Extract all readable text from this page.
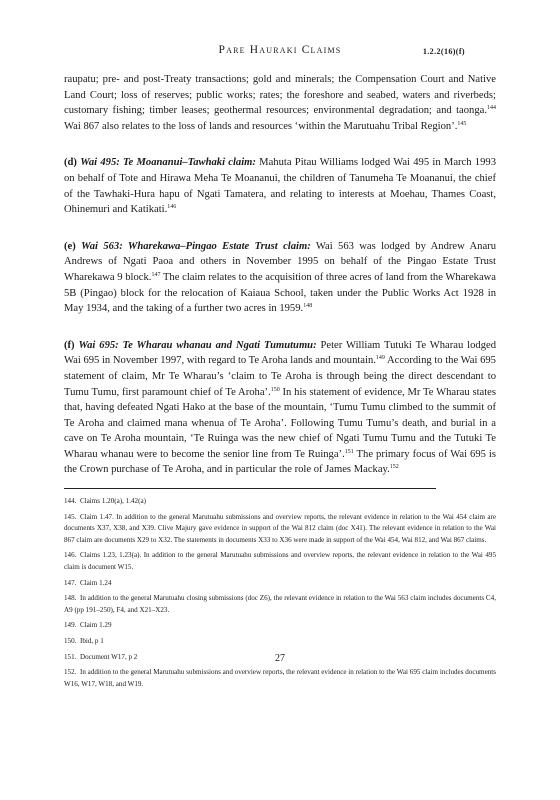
Pare Hauraki Claims	1.2.2(16)(f)

raupatu; pre- and post-Treaty transactions; gold and minerals; the Compensation Court and Native Land Court; loss of reserves; public works; rates; the foreshore and seabed, waters and riverbeds; customary fishing; timber leases; geothermal resources; environmental degradation; and taonga.$^{144}$ Wai 867 also relates to the loss of lands and resources ‘within the Marutuahu Tribal Region’.$^{145}$

(d) Wai 495: Te Moananui–Tawhaki claim: Mahuta Pitau Williams lodged Wai 495 in March 1993 on behalf of Tote and Hirawa Meha Te Moananui, the children of Tanumeha Te Moananui, the chief of the Tawhaki-Hura hapu of Ngati Tamatera, and relating to interests at Moehau, Thames Coast, Ohinemuri and Katikati.$^{146}$

(e) Wai 563: Wharekawa–Pingao Estate Trust claim: Wai 563 was lodged by Andrew Anaru Andrews of Ngati Paoa and others in November 1995 on behalf of the Pingao Estate Trust Wharekawa 9 block.$^{147}$ The claim relates to the acquisition of three acres of land from the Wharekawa 5B (Pingao) block for the relocation of Kaiaua School, taken under the Public Works Act 1928 in May 1934, and the taking of a further two acres in 1959.$^{148}$

(f) Wai 695: Te Wharau whanau and Ngati Tumutumu: Peter William Tutuki Te Wharau lodged Wai 695 in November 1997, with regard to Te Aroha lands and mountain.$^{149}$ According to the Wai 695 statement of claim, Mr Te Wharau’s ‘claim to Te Aroha is through being the direct descendant to Tumu Tumu, first paramount chief of Te Aroha’.$^{150}$ In his statement of evidence, Mr Te Wharau states that, having defeated Ngati Hako at the base of the mountain, ‘Tumu Tumu climbed to the summit of Te Aroha and claimed mana whenua of Te Aroha’. Following Tumu Tumu’s death, and burial in a cave on Te Aroha mountain, ‘Te Ruinga was the new chief of Ngati Tumu Tumu and the Tutuki Te Wharau whanau were to become the senior line from Te Ruinga’.$^{151}$ The primary focus of Wai 695 is the Crown purchase of Te Aroha, and in particular the role of James Mackay.$^{152}$

144. Claims 1.20(a), 1.42(a)

145. Claim 1.47. In addition to the general Marutuahu submissions and overview reports, the relevant evidence in relation to the Wai 454 claim are documents X37, X38, and X39. Clive Majury gave evidence in support of the Wai 812 claim (doc X41). The relevant evidence in relation to the Wai 867 claim are documents X29 to X32. The statements in documents X33 to X36 were made in support of the Wai 454, Wai 812, and Wai 867 claims.

146. Claims 1.23, 1.23(a). In addition to the general Marutuahu submissions and overview reports, the relevant evidence in relation to the Wai 495 claim is document W15.

147. Claim 1.24

148. In addition to the general Marutuahu closing submissions (doc Z6), the relevant evidence in relation to the Wai 563 claim includes documents C4, A9 (pp 191–250), F4, and X21–X23.

149. Claim 1.29

150. Ibid, p 1

151. Document W17, p 2

152. In addition to the general Marutuahu submissions and overview reports, the relevant evidence in relation to the Wai 695 claim includes documents W16, W17, W18, and W19.

27
